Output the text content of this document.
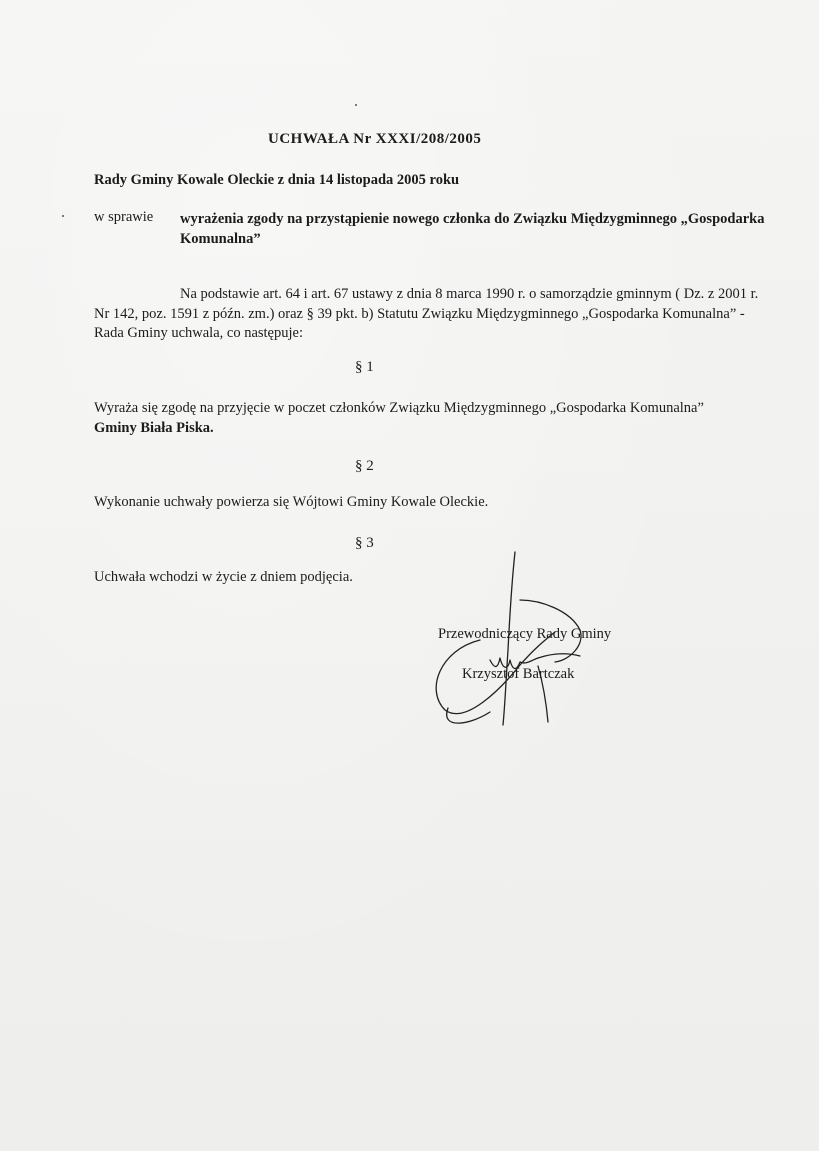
UCHWAŁA Nr XXXI/208/2005
Rady Gminy Kowale Oleckie z dnia 14 listopada 2005 roku
w sprawie wyrażenia zgody na przystąpienie nowego członka do Związku Międzygminnego „Gospodarka Komunalna”
Na podstawie art. 64 i art. 67 ustawy z dnia 8 marca 1990 r. o samorządzie gminnym ( Dz. z 2001 r. Nr 142, poz. 1591 z późn. zm.) oraz § 39 pkt. b) Statutu Związku Międzygminnego „Gospodarka Komunalna” - Rada Gminy uchwala, co następuje:
§ 1
Wyraża się zgodę na przyjęcie w poczet członków Związku Międzygminnego „Gospodarka Komunalna” Gminy Biała Piska.
§ 2
Wykonanie uchwały powierza się Wójtowi Gminy Kowale Oleckie.
§ 3
Uchwała wchodzi w życie z dniem podjęcia.
Przewodniczący Rady Gminy
Krzysztof Bartczak
